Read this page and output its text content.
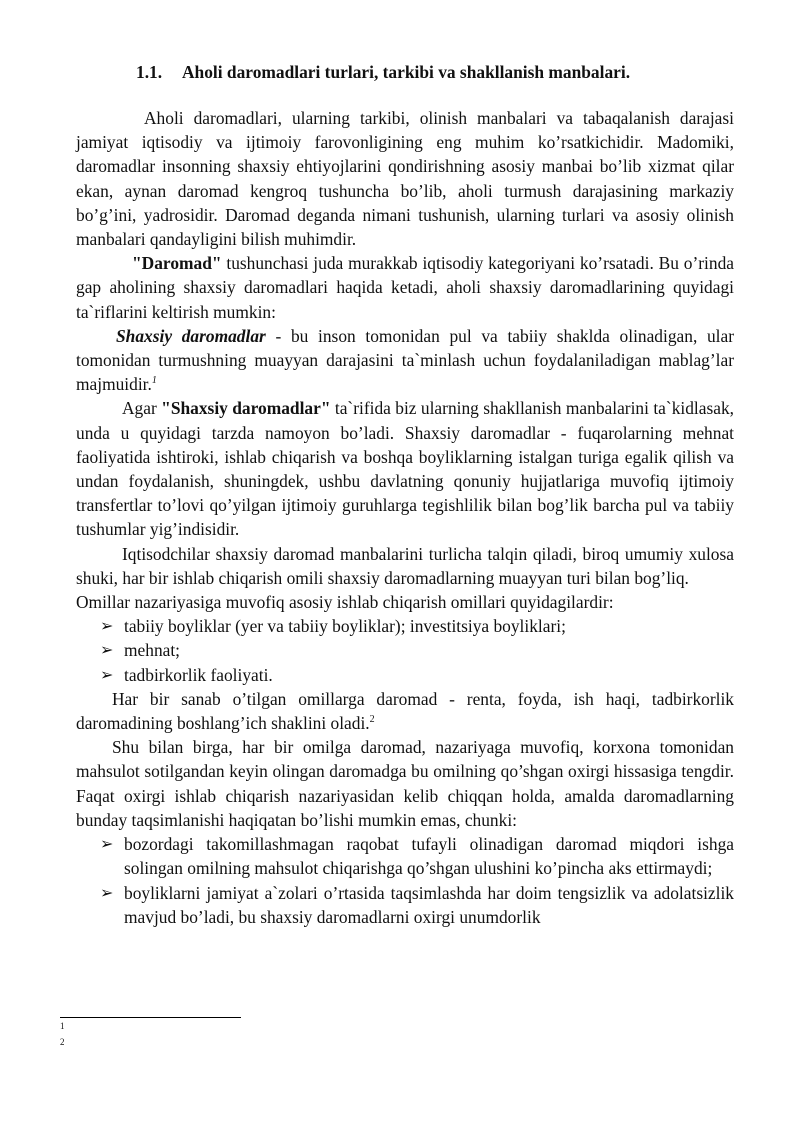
1.1. Aholi daromadlari turlari, tarkibi va shakllanish manbalari.

Aholi daromadlari, ularning tarkibi, olinish manbalari va tabaqalanish darajasi jamiyat iqtisodiy va ijtimoiy farovonligining eng muhim ko’rsatkichidir. Madomiki, daromadlar insonning shaxsiy ehtiyojlarini qondirishning asosiy manbai bo’lib xizmat qilar ekan, aynan daromad kengroq tushuncha bo’lib, aholi turmush darajasining markaziy bo’g’ini, yadrosidir. Daromad deganda nimani tushunish, ularning turlari va asosiy olinish manbalari qandayligini bilish muhimdir.

"Daromad" tushunchasi juda murakkab iqtisodiy kategoriyani ko’rsatadi. Bu o’rinda gap aholining shaxsiy daromadlari haqida ketadi, aholi shaxsiy daromadlarining quyidagi ta`riflarini keltirish mumkin:

Shaxsiy daromadlar - bu inson tomonidan pul va tabiiy shaklda olinadigan, ular tomonidan turmushning muayyan darajasini ta`minlash uchun foydalaniladigan mablag’lar majmuidir.$^1$

Agar "Shaxsiy daromadlar" ta`rifida biz ularning shakllanish manbalarini ta`kidlasak, unda u quyidagi tarzda namoyon bo’ladi. Shaxsiy daromadlar - fuqarolarning mehnat faoliyatida ishtiroki, ishlab chiqarish va boshqa boyliklarning istalgan turiga egalik qilish va undan foydalanish, shuningdek, ushbu davlatning qonuniy hujjatlariga muvofiq ijtimoiy transfertlar to’lovi qo’yilgan ijtimoiy guruhlarga tegishlilik bilan bog’lik barcha pul va tabiiy tushumlar yig’indisidir.

Iqtisodchilar shaxsiy daromad manbalarini turlicha talqin qiladi, biroq umumiy xulosa shuki, har bir ishlab chiqarish omili shaxsiy daromadlarning muayyan turi bilan bog’liq.

Omillar nazariyasiga muvofiq asosiy ishlab chiqarish omillari quyidagilardir:

➢ tabiiy boyliklar (yer va tabiiy boyliklar); investitsiya boyliklari;
➢ mehnat;
➢ tadbirkorlik faoliyati.

Har bir sanab o’tilgan omillarga daromad - renta, foyda, ish haqi, tadbirkorlik daromadining boshlang’ich shaklini oladi.$^2$

Shu bilan birga, har bir omilga daromad, nazariyaga muvofiq, korxona tomonidan mahsulot sotilgandan keyin olingan daromadga bu omilning qo’shgan oxirgi hissasiga tengdir. Faqat oxirgi ishlab chiqarish nazariyasidan kelib chiqqan holda, amalda daromadlarning bunday taqsimlanishi haqiqatan bo’lishi mumkin emas, chunki:

➢ bozordagi takomillashmagan raqobat tufayli olinadigan daromad miqdori ishga solingan omilning mahsulot chiqarishga qo’shgan ulushini ko’pincha aks ettirmaydi;
➢ boyliklarni jamiyat a`zolari o’rtasida taqsimlashda har doim tengsizlik va adolatsizlik mavjud bo’ladi, bu shaxsiy daromadlarni oxirgi unumdorlik
1
2
